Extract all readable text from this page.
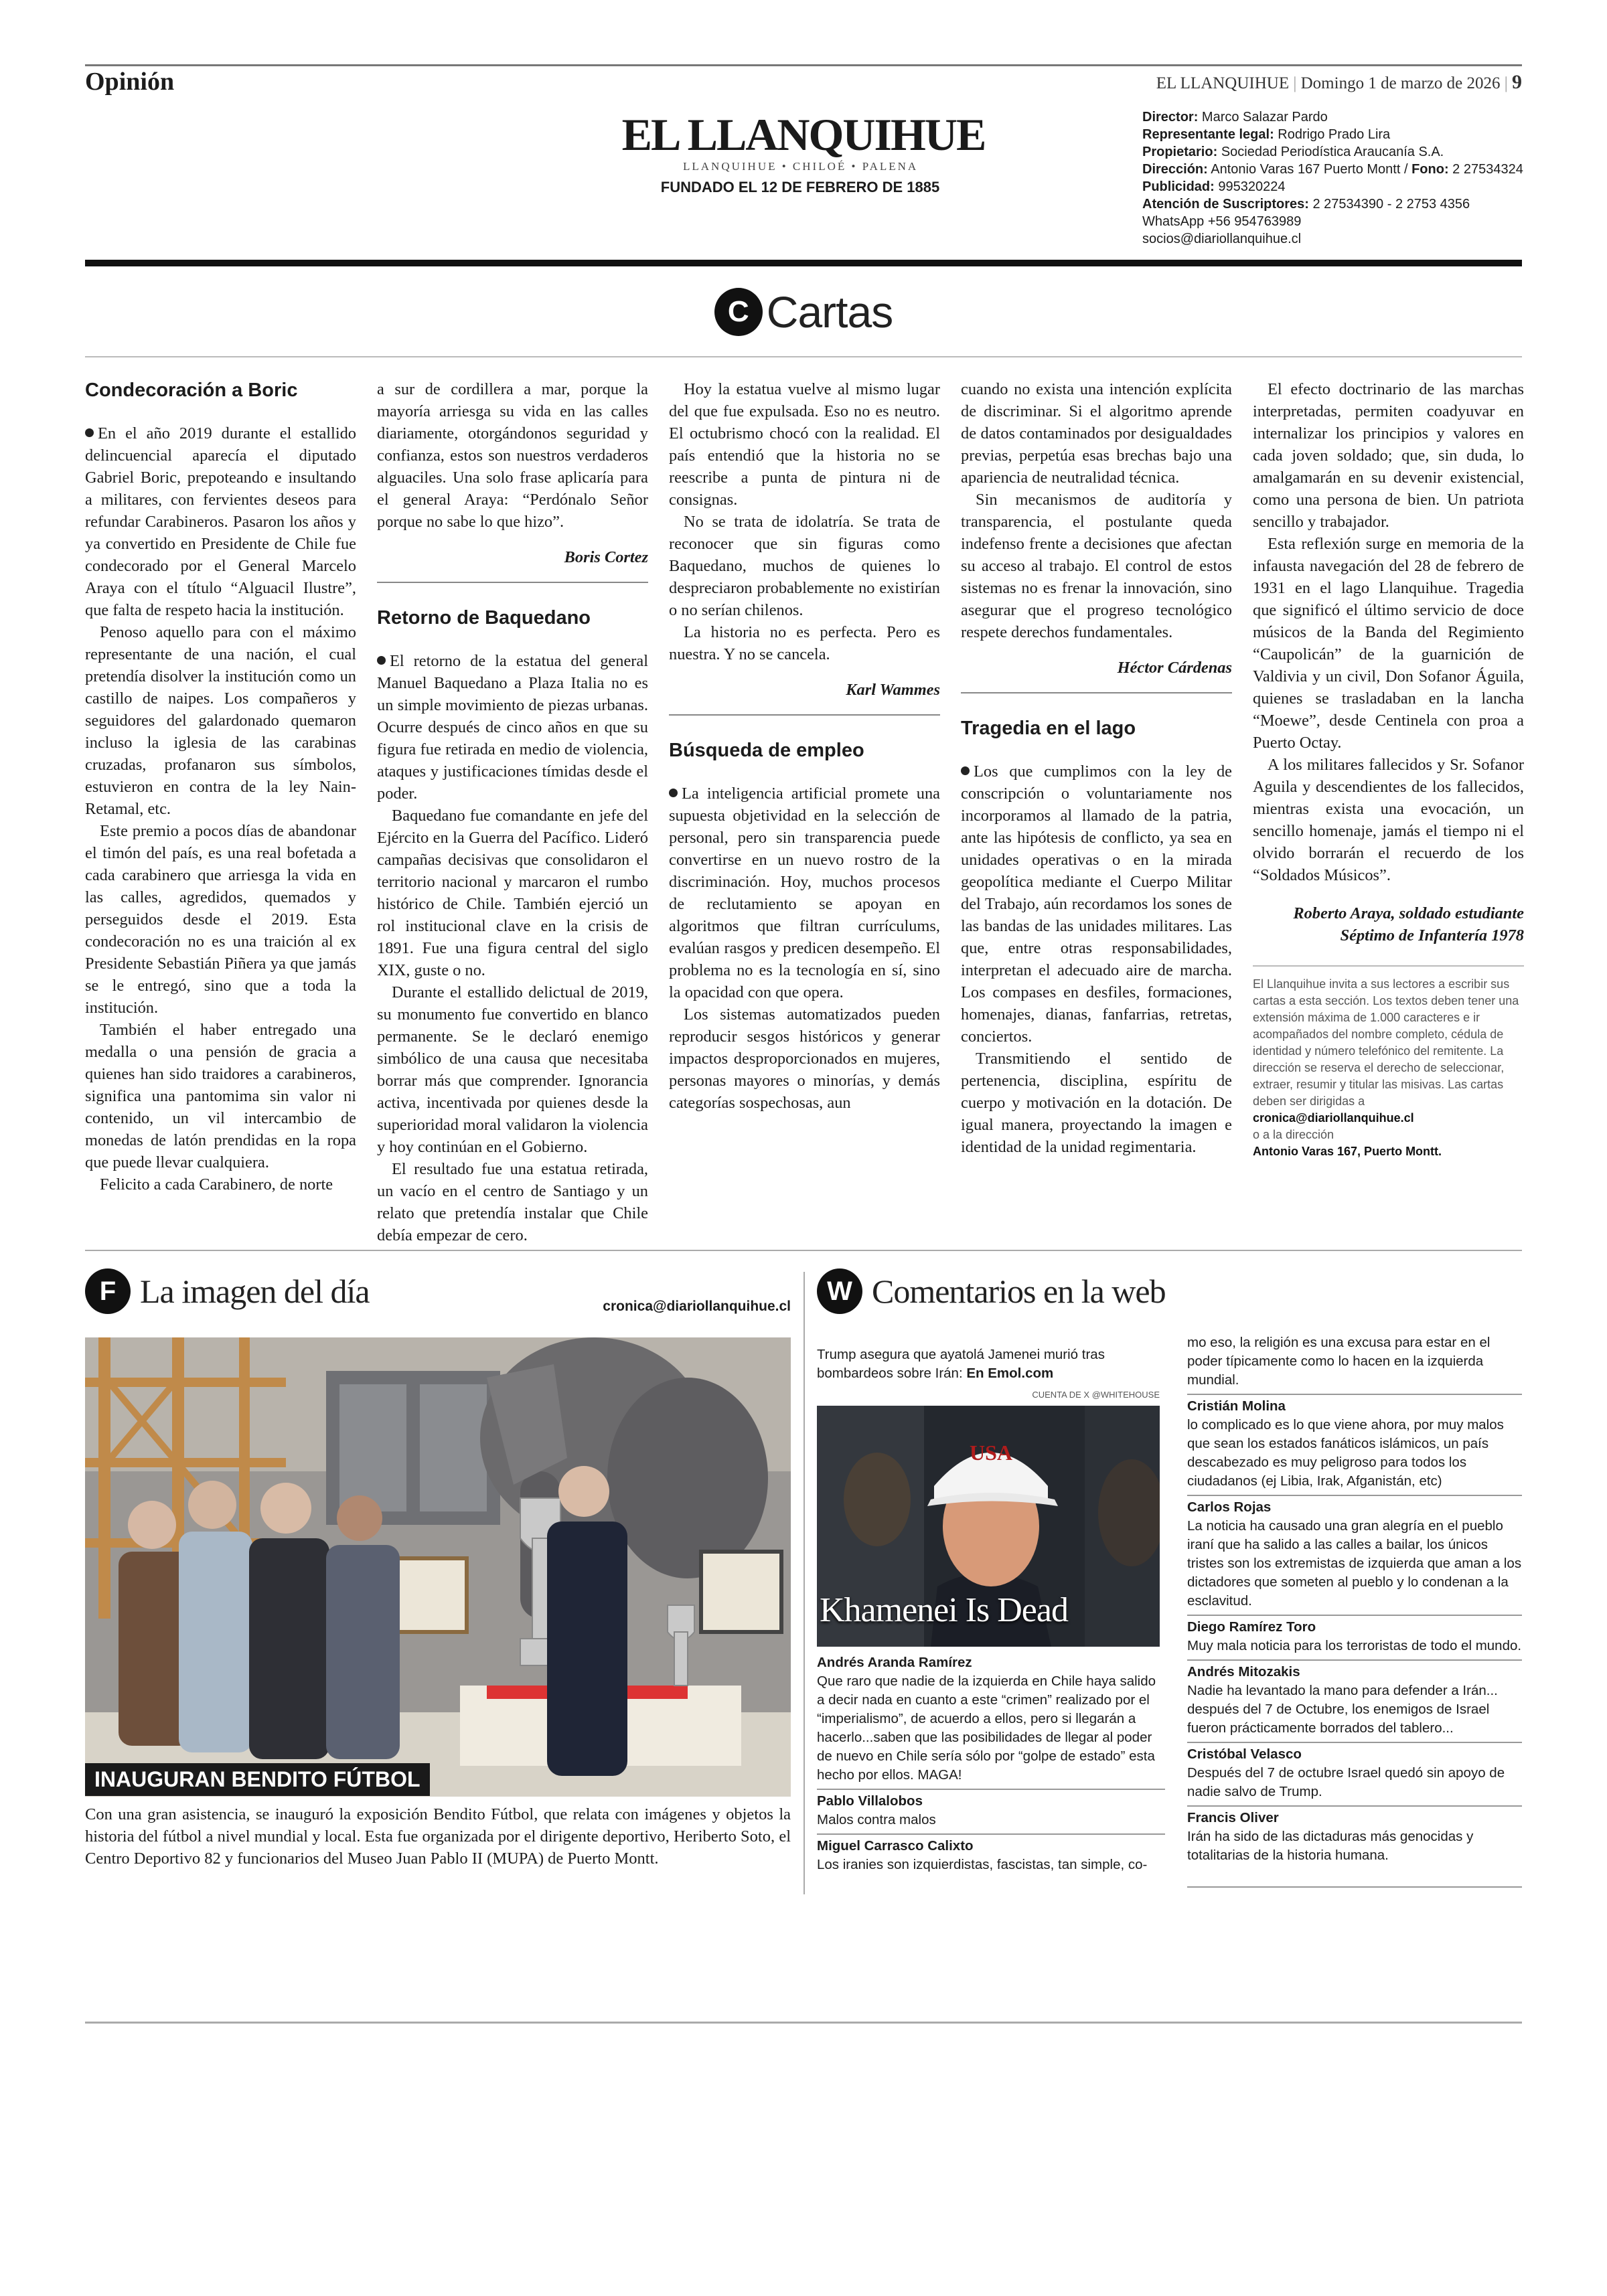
Opinión	EL LLANQUIHUE | Domingo 1 de marzo de 2026 | 9
EL LLANQUIHUE
LLANQUIHUE • CHILOÉ • PALENA
FUNDADO EL 12 DE FEBRERO DE 1885
Director: Marco Salazar Pardo
Representante legal: Rodrigo Prado Lira
Propietario: Sociedad Periodística Araucanía S.A.
Dirección: Antonio Varas 167 Puerto Montt / Fono: 2 27534324
Publicidad: 995320224
Atención de Suscriptores: 2 27534390 - 2 2753 4356
WhatsApp +56 954763989
socios@diariollanquihue.cl
C Cartas
Condecoración a Boric

En el año 2019 durante el estallido delincuencial aparecía el diputado Gabriel Boric, prepoteando e insultando a militares, con fervientes deseos para refundar Carabineros. Pasaron los años y ya convertido en Presidente de Chile fue condecorado por el General Marcelo Araya con el título “Alguacil Ilustre”, que falta de respeto hacia la institución.

Penoso aquello para con el máximo representante de una nación, el cual pretendía disolver la institución como un castillo de naipes. Los compañeros y seguidores del galardonado quemaron incluso la iglesia de las carabinas cruzadas, profanaron sus símbolos, estuvieron en contra de la ley Nain-Retamal, etc.

Este premio a pocos días de abandonar el timón del país, es una real bofetada a cada carabinero que arriesga la vida en las calles, agredidos, quemados y perseguidos desde el 2019. Esta condecoración no es una traición al ex Presidente Sebastián Piñera ya que jamás se le entregó, sino que a toda la institución.

También el haber entregado una medalla o una pensión de gracia a quienes han sido traidores a carabineros, significa una pantomima sin valor ni contenido, un vil intercambio de monedas de latón prendidas en la ropa que puede llevar cualquiera.

Felicito a cada Carabinero, de norte

a sur de cordillera a mar, porque la mayoría arriesga su vida en las calles diariamente, otorgándonos seguridad y confianza, estos son nuestros verdaderos alguaciles. Una solo frase aplicaría para el general Araya: “Perdónalo Señor porque no sabe lo que hizo”.

Boris Cortez

Retorno de Baquedano

El retorno de la estatua del general Manuel Baquedano a Plaza Italia no es un simple movimiento de piezas urbanas. Ocurre después de cinco años en que su figura fue retirada en medio de violencia, ataques y justificaciones tímidas desde el poder.

Baquedano fue comandante en jefe del Ejército en la Guerra del Pacífico. Lideró campañas decisivas que consolidaron el territorio nacional y marcaron el rumbo histórico de Chile. También ejerció un rol institucional clave en la crisis de 1891. Fue una figura central del siglo XIX, guste o no.

Durante el estallido delictual de 2019, su monumento fue convertido en blanco permanente. Se le declaró enemigo simbólico de una causa que necesitaba borrar más que comprender. Ignorancia activa, incentivada por quienes desde la superioridad moral validaron la violencia y hoy continúan en el Gobierno.

El resultado fue una estatua retirada, un vacío en el centro de Santiago y un relato que pretendía instalar que Chile debía empezar de cero.

Hoy la estatua vuelve al mismo lugar del que fue expulsada. Eso no es neutro. El octubrismo chocó con la realidad. El país entendió que la historia no se reescribe a punta de pintura ni de consignas.

No se trata de idolatría. Se trata de reconocer que sin figuras como Baquedano, muchos de quienes lo despreciaron probablemente no existirían o no serían chilenos.

La historia no es perfecta. Pero es nuestra. Y no se cancela.

Karl Wammes

Búsqueda de empleo

La inteligencia artificial promete una supuesta objetividad en la selección de personal, pero sin transparencia puede convertirse en un nuevo rostro de la discriminación. Hoy, muchos procesos de reclutamiento se apoyan en algoritmos que filtran currículums, evalúan rasgos y predicen desempeño. El problema no es la tecnología en sí, sino la opacidad con que opera.

Los sistemas automatizados pueden reproducir sesgos históricos y generar impactos desproporcionados en mujeres, personas mayores o minorías, y demás categorías sospechosas, aun

cuando no exista una intención explícita de discriminar. Si el algoritmo aprende de datos contaminados por desigualdades previas, perpetúa esas brechas bajo una apariencia de neutralidad técnica.

Sin mecanismos de auditoría y transparencia, el postulante queda indefenso frente a decisiones que afectan su acceso al trabajo. El control de estos sistemas no es frenar la innovación, sino asegurar que el progreso tecnológico respete derechos fundamentales.

Héctor Cárdenas

Tragedia en el lago

Los que cumplimos con la ley de conscripción o voluntariamente nos incorporamos al llamado de la patria, ante las hipótesis de conflicto, ya sea en unidades operativas o en la mirada geopolítica mediante el Cuerpo Militar del Trabajo, aún recordamos los sones de las bandas de las unidades militares. Las que, entre otras responsabilidades, interpretan el adecuado aire de marcha. Los compases en desfiles, formaciones, homenajes, dianas, fanfarrias, retretas, conciertos.

Transmitiendo el sentido de pertenencia, disciplina, espíritu de cuerpo y motivación en la dotación. De igual manera, proyectando la imagen e identidad de la unidad regimentaria.

El efecto doctrinario de las marchas interpretadas, permiten coadyuvar en internalizar los principios y valores en cada joven soldado; que, sin duda, lo amalgamarán en su devenir existencial, como una persona de bien. Un patriota sencillo y trabajador.

Esta reflexión surge en memoria de la infausta navegación del 28 de febrero de 1931 en el lago Llanquihue. Tragedia que significó el último servicio de doce músicos de la Banda del Regimiento “Caupolicán” de la guarnición de Valdivia y un civil, Don Sofanor Águila, quienes se trasladaban en la lancha “Moewe”, desde Centinela con proa a Puerto Octay.

A los militares fallecidos y Sr. Sofanor Aguila y descendientes de los fallecidos, mientras exista una evocación, un sencillo homenaje, jamás el tiempo ni el olvido borrarán el recuerdo de los “Soldados Músicos”.

Roberto Araya, soldado estudiante

Séptimo de Infantería 1978

El Llanquihue invita a sus lectores a escribir sus cartas a esta sección. Los textos deben tener una extensión máxima de 1.000 caracteres e ir acompañados del nombre completo, cédula de identidad y número telefónico del remitente. La dirección se reserva el derecho de seleccionar, extraer, resumir y titular las misivas. Las cartas deben ser dirigidas a
cronica@diariollanquihue.cl
o a la dirección
Antonio Varas 167, Puerto Montt.
F La imagen del día	cronica@diariollanquihue.cl
INAUGURAN BENDITO FÚTBOL
Con una gran asistencia, se inauguró la exposición Bendito Fútbol, que relata con imágenes y objetos la historia del fútbol a nivel mundial y local. Esta fue organizada por el dirigente deportivo, Heriberto Soto, el Centro Deportivo 82 y funcionarios del Museo Juan Pablo II (MUPA) de Puerto Montt.
W Comentarios en la web
Trump asegura que ayatolá Jamenei murió tras bombardeos sobre Irán: En Emol.com
CUENTA DE X @WHITEHOUSE
USA
Khamenei Is Dead
Andrés Aranda Ramírez
Que raro que nadie de la izquierda en Chile haya salido a decir nada en cuanto a este “crimen” realizado por el “imperialismo”, de acuerdo a ellos, pero si llegarán a hacerlo...saben que las posibilidades de llegar al poder de nuevo en Chile sería sólo por “golpe de estado” esta hecho por ellos. MAGA!
Pablo Villalobos
Malos contra malos
Miguel Carrasco Calixto
Los iranies son izquierdistas, fascistas, tan simple, co-
mo eso, la religión es una excusa para estar en el poder típicamente como lo hacen en la izquierda mundial.
Cristián Molina
lo complicado es lo que viene ahora, por muy malos que sean los estados fanáticos islámicos, un país descabezado es muy peligroso para todos los ciudadanos (ej Libia, Irak, Afganistán, etc)
Carlos Rojas
La noticia ha causado una gran alegría en el pueblo iraní que ha salido a las calles a bailar, los únicos tristes son los extremistas de izquierda que aman a los dictadores que someten al pueblo y lo condenan a la esclavitud.
Diego Ramírez Toro
Muy mala noticia para los terroristas de todo el mundo.
Andrés Mitozakis
Nadie ha levantado la mano para defender a Irán... después del 7 de Octubre, los enemigos de Israel fueron prácticamente borrados del tablero...
Cristóbal Velasco
Después del 7 de octubre Israel quedó sin apoyo de nadie salvo de Trump.
Francis Oliver
Irán ha sido de las dictaduras más genocidas y totalitarias de la historia humana.
